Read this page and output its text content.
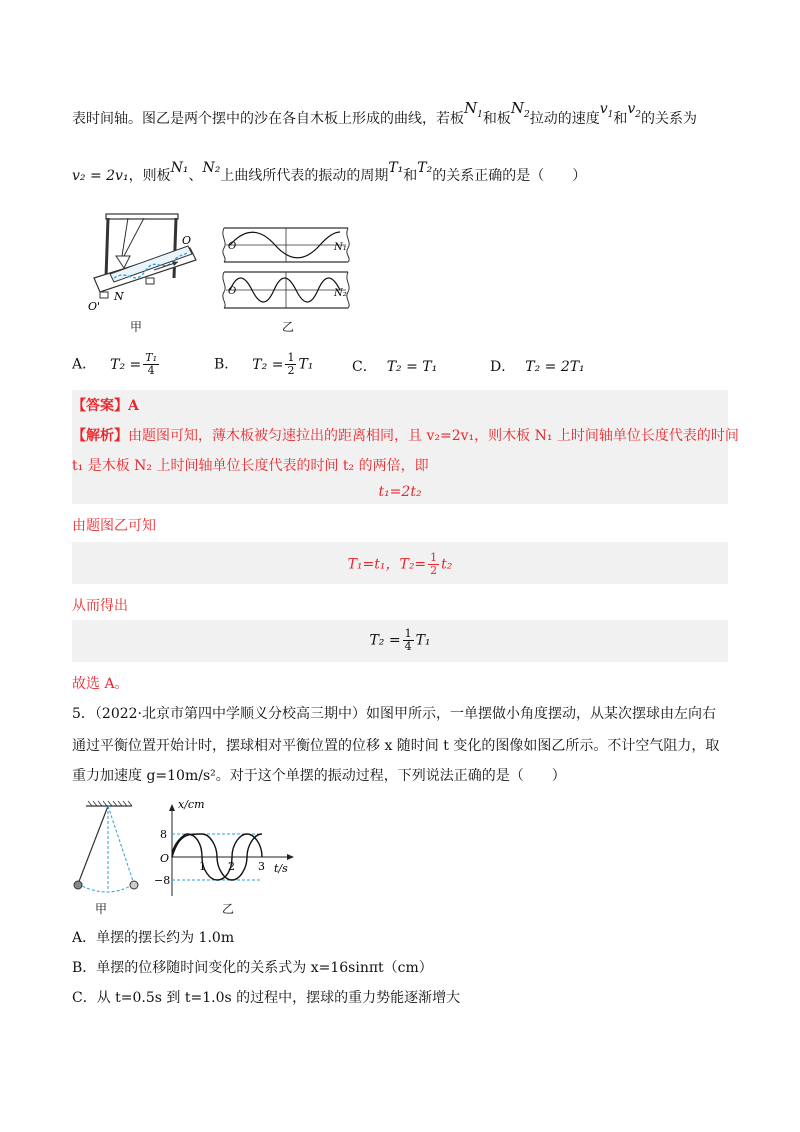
表时间轴。图乙是两个摆中的沙在各自木板上形成的曲线，若板$N_1$和板$N_2$拉动的速度$v_1$和$v_2$的关系为
v₂ = 2v₁，则板N₁、N₂上曲线所代表的振动的周期T₁和T₂的关系正确的是（　　）
O
O'
N
甲
O	N₁
O	N₂
乙
A． $T_2 = \frac{\text{T₁}}{4}$	B． $T_2 = \frac{1}{2} T_1$	C． T₂ = T₁	D． T₂ = 2T₁
【答案】A
【解析】由题图可知，薄木板被匀速拉出的距离相同，且 v₂=2v₁，则木板 N₁ 上时间轴单位长度代表的时间
t₁ 是木板 N₂ 上时间轴单位长度代表的时间 t₂ 的两倍，即
t₁=2t₂
由题图乙可知
T₁=t₁，$T_2= \frac{1}{2} t_2$
从而得出
$T_2 = \frac{1}{4} T_1$
故选 A。
5．（2022·北京市第四中学顺义分校高三期中）如图甲所示，一单摆做小角度摆动，从某次摆球由左向右
通过平衡位置开始计时，摆球相对平衡位置的位移 x 随时间 t 变化的图像如图乙所示。不计空气阻力，取
重力加速度 g=10m/s²。对于这个单摆的振动过程，下列说法正确的是（　　）
甲
x/cm
t/s
O
8
−8
1 2 3
乙
A．单摆的摆长约为 1.0m
B．单摆的位移随时间变化的关系式为 x=16sinπt（cm）
C．从 t=0.5s 到 t=1.0s 的过程中，摆球的重力势能逐渐增大
